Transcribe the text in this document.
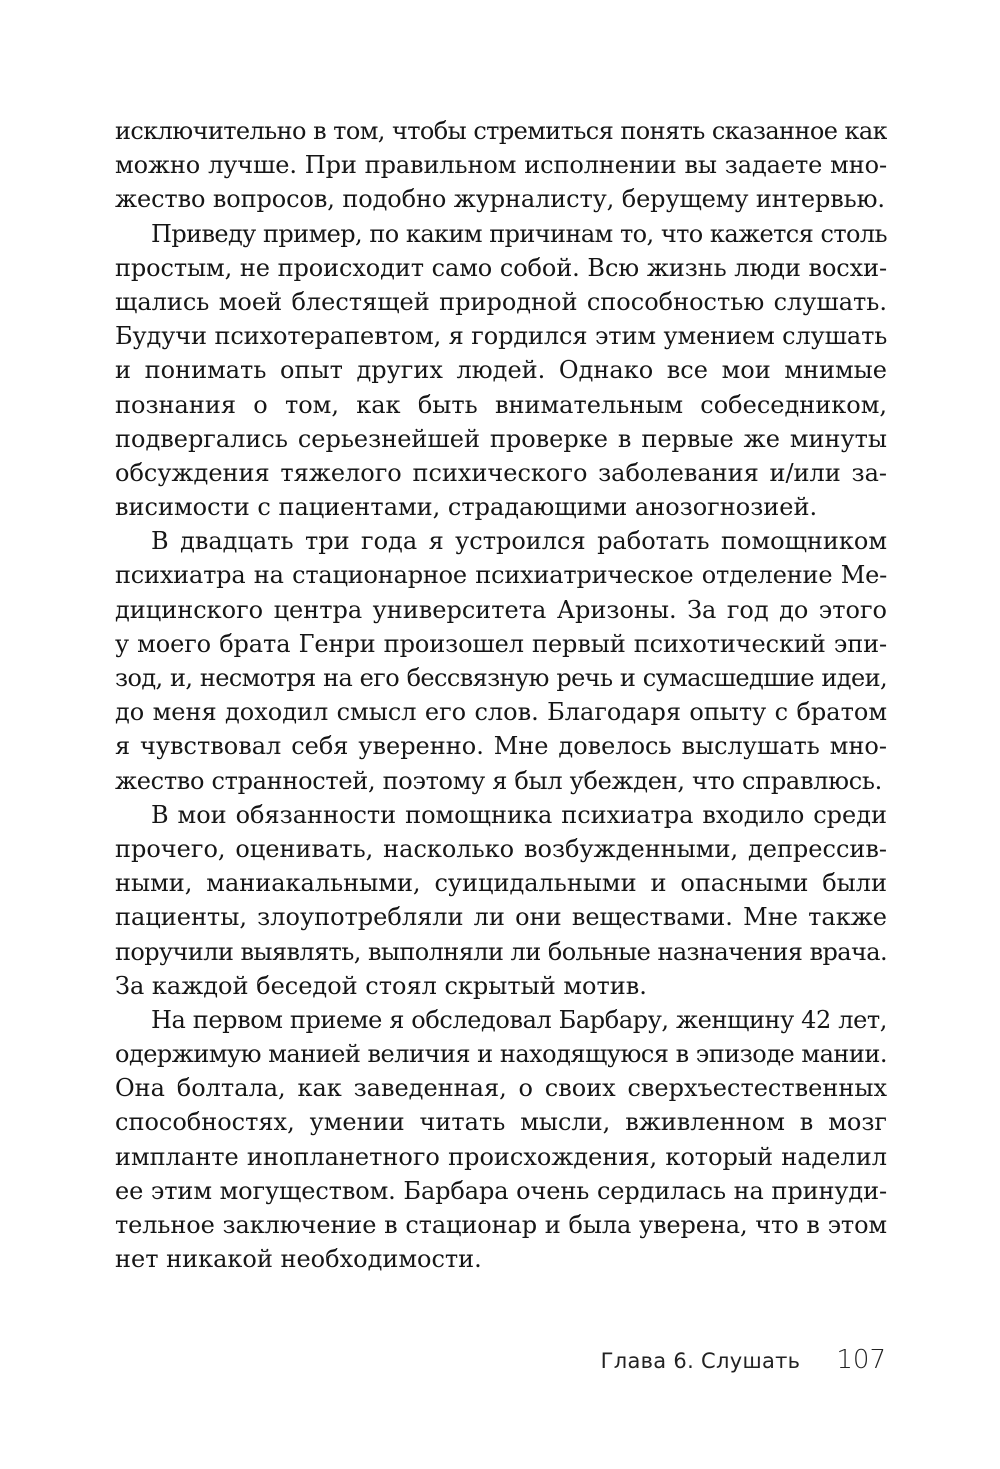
исключительно в том, чтобы стремиться понять сказанное как
можно лучше. При правильном исполнении вы задаете мно-
жество вопросов, подобно журналисту, берущему интервью.

Приведу пример, по каким причинам то, что кажется столь
простым, не происходит само собой. Всю жизнь люди восхи-
щались моей блестящей природной способностью слушать.
Будучи психотерапевтом, я гордился этим умением слушать
и понимать опыт других людей. Однако все мои мнимые
познания о том, как быть внимательным собеседником,
подвергались серьезнейшей проверке в первые же минуты
обсуждения тяжелого психического заболевания и/или за-
висимости с пациентами, страдающими анозогнозией.

В двадцать три года я устроился работать помощником
психиатра на стационарное психиатрическое отделение Ме-
дицинского центра университета Аризоны. За год до этого
у моего брата Генри произошел первый психотический эпи-
зод, и, несмотря на его бессвязную речь и сумасшедшие идеи,
до меня доходил смысл его слов. Благодаря опыту с братом
я чувствовал себя уверенно. Мне довелось выслушать мно-
жество странностей, поэтому я был убежден, что справлюсь.

В мои обязанности помощника психиатра входило среди
прочего, оценивать, насколько возбужденными, депрессив-
ными, маниакальными, суицидальными и опасными были
пациенты, злоупотребляли ли они веществами. Мне также
поручили выявлять, выполняли ли больные назначения врача.
За каждой беседой стоял скрытый мотив.

На первом приеме я обследовал Барбару, женщину 42 лет,
одержимую манией величия и находящуюся в эпизоде мании.
Она болтала, как заведенная, о своих сверхъестественных
способностях, умении читать мысли, вживленном в мозг
импланте инопланетного происхождения, который наделил
ее этим могуществом. Барбара очень сердилась на принуди-
тельное заключение в стационар и была уверена, что в этом
нет никакой необходимости.

Глава 6. Слушать 107
